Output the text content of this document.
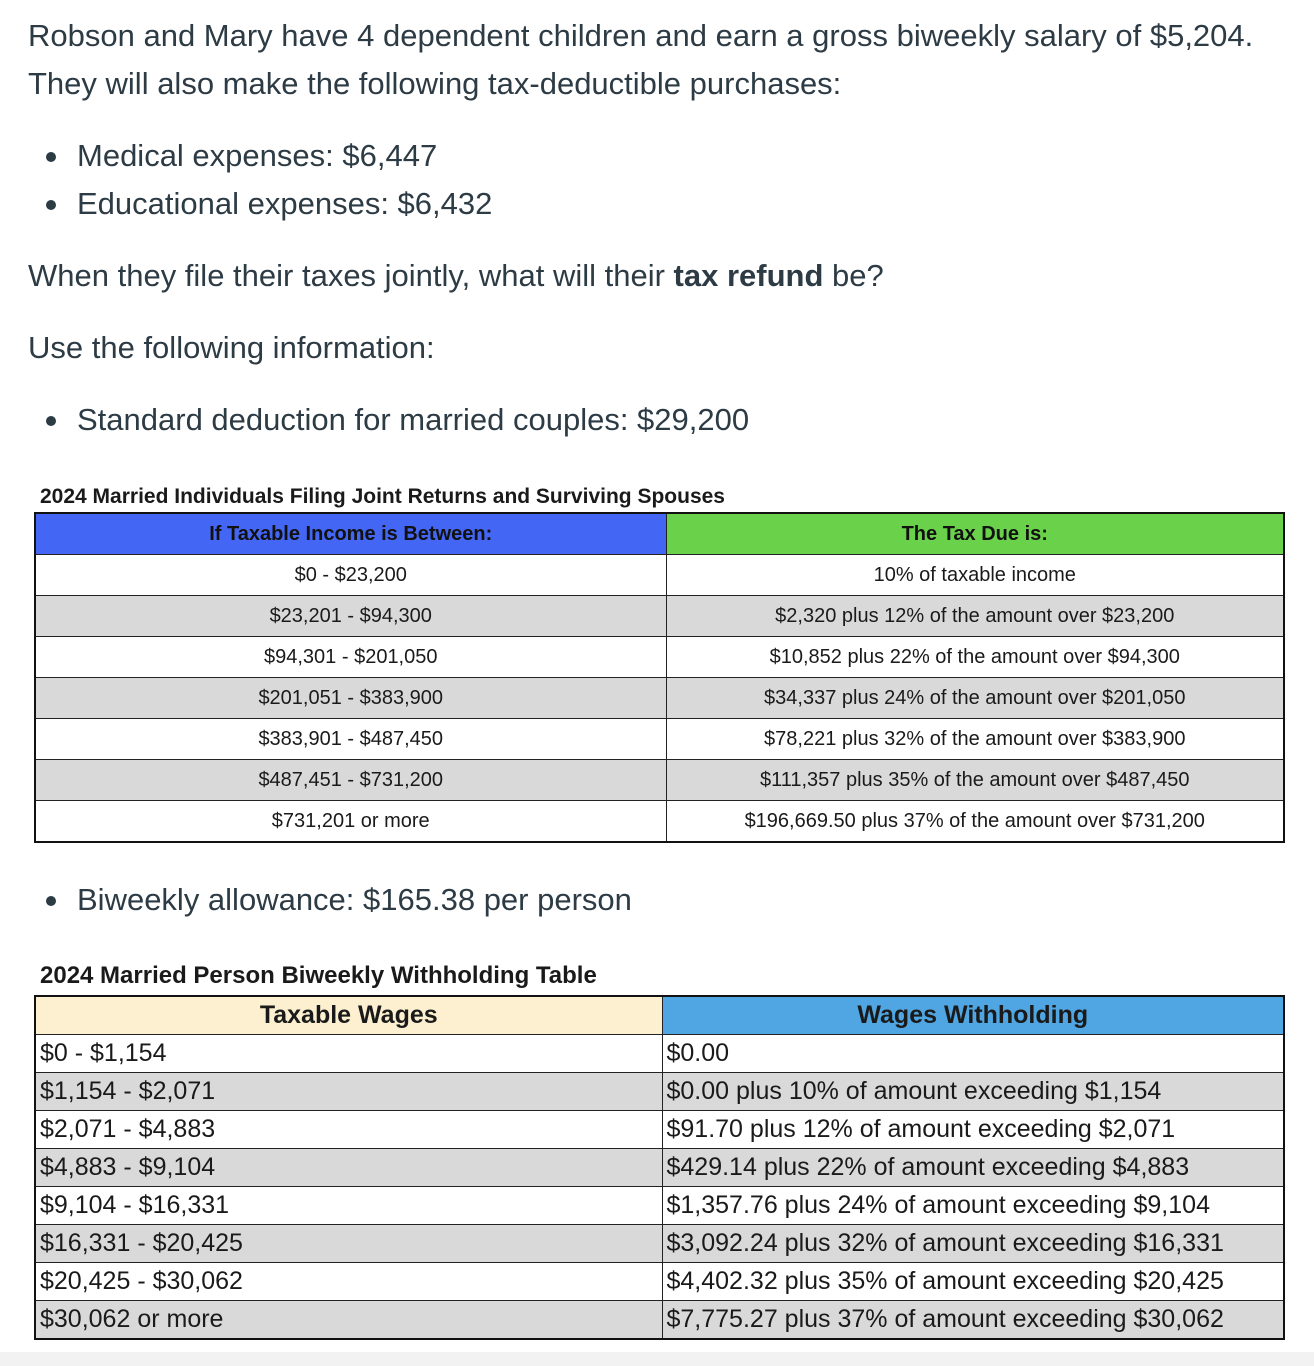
Robson and Mary have 4 dependent children and earn a gross biweekly salary of $5,204.

They will also make the following tax-deductible purchases:

Medical expenses: $6,447
Educational expenses: $6,432

When they file their taxes jointly, what will their tax refund be?

Use the following information:

Standard deduction for married couples: $29,200
2024 Married Individuals Filing Joint Returns and Surviving Spouses
If Taxable Income is Between:	The Tax Due is:
$0 - $23,200	10% of taxable income
$23,201 - $94,300	$2,320 plus 12% of the amount over $23,200
$94,301 - $201,050	$10,852 plus 22% of the amount over $94,300
$201,051 - $383,900	$34,337 plus 24% of the amount over $201,050
$383,901 - $487,450	$78,221 plus 32% of the amount over $383,900
$487,451 - $731,200	$111,357 plus 35% of the amount over $487,450
$731,201 or more	$196,669.50 plus 37% of the amount over $731,200
Biweekly allowance: $165.38 per person
2024 Married Person Biweekly Withholding Table
Taxable Wages	Wages Withholding
$0 - $1,154	$0.00
$1,154 - $2,071	$0.00 plus 10% of amount exceeding $1,154
$2,071 - $4,883	$91.70 plus 12% of amount exceeding $2,071
$4,883 - $9,104	$429.14 plus 22% of amount exceeding $4,883
$9,104 - $16,331	$1,357.76 plus 24% of amount exceeding $9,104
$16,331 - $20,425	$3,092.24 plus 32% of amount exceeding $16,331
$20,425 - $30,062	$4,402.32 plus 35% of amount exceeding $20,425
$30,062 or more	$7,775.27 plus 37% of amount exceeding $30,062
